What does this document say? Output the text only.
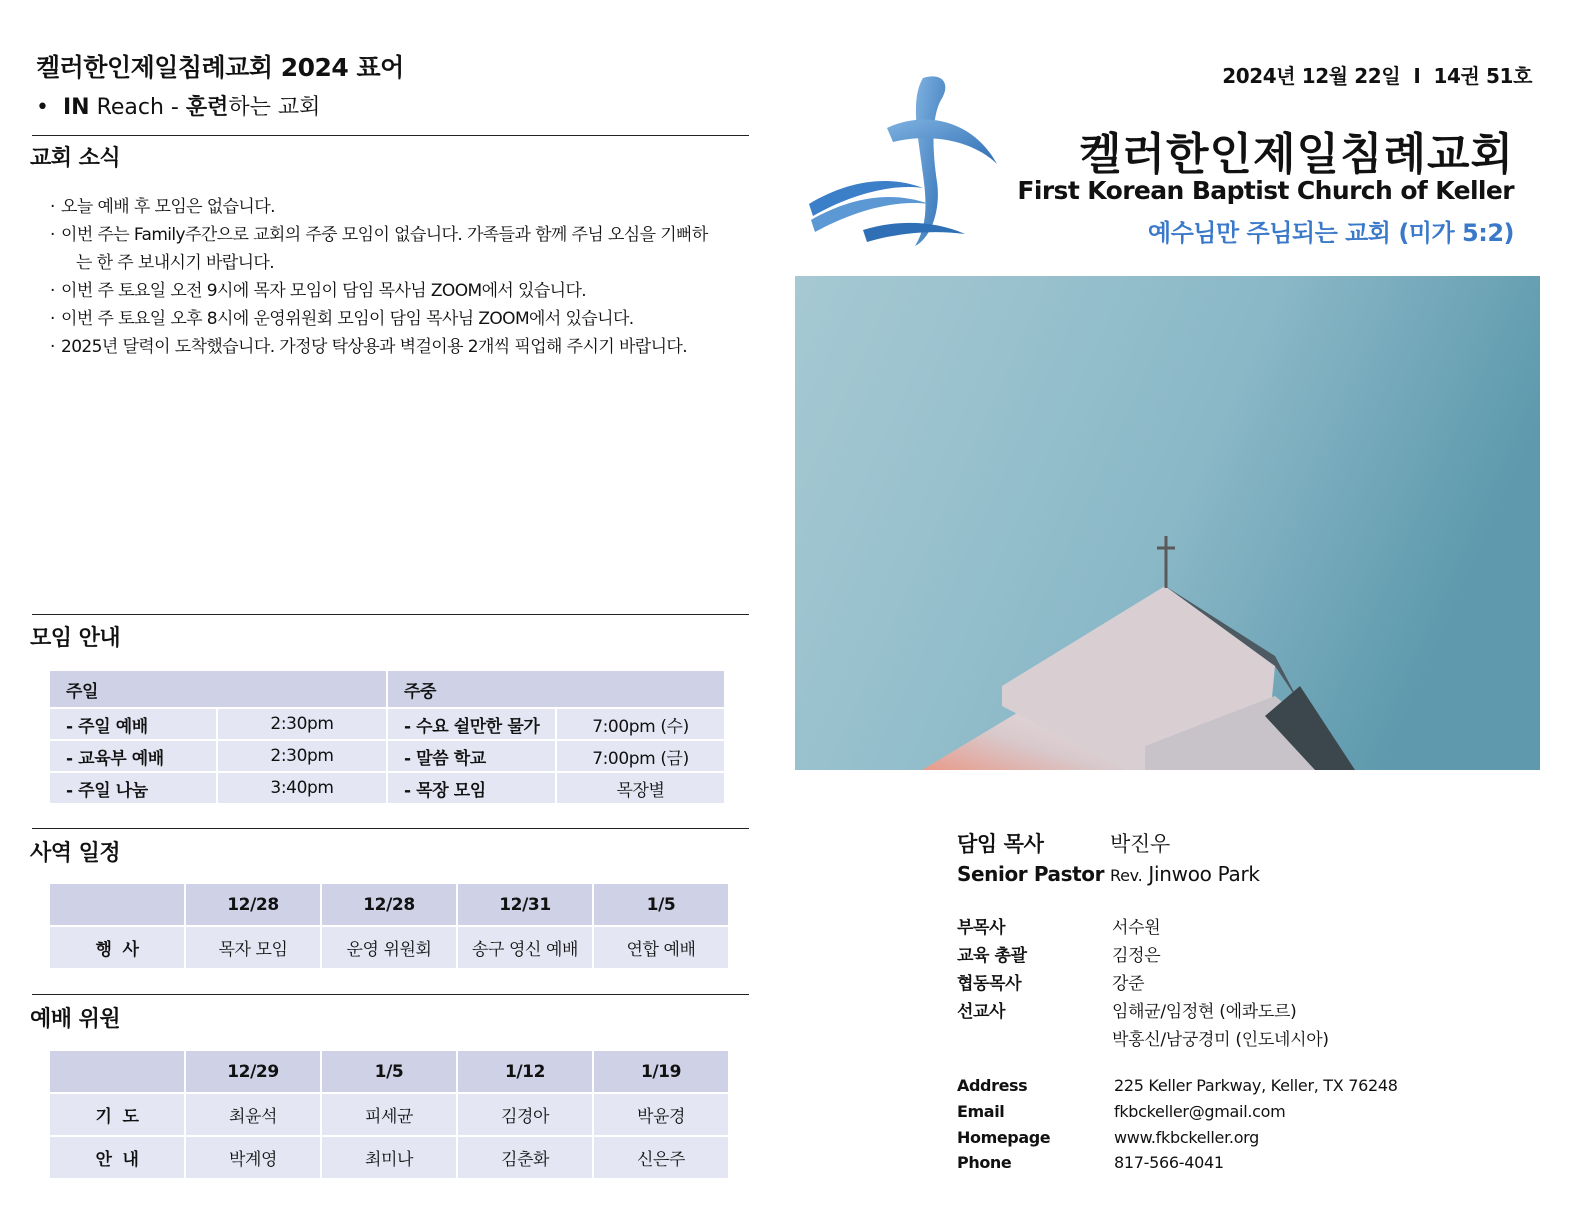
켈러한인제일침례교회 2024 표어
• IN Reach - 훈련하는 교회
교회 소식
· 오늘 예배 후 모임은 없습니다.
· 이번 주는 Family주간으로 교회의 주중 모임이 없습니다. 가족들과 함께 주님 오심을 기뻐하
는 한 주 보내시기 바랍니다.
· 이번 주 토요일 오전 9시에 목자 모임이 담임 목사님 ZOOM에서 있습니다.
· 이번 주 토요일 오후 8시에 운영위원회 모임이 담임 목사님 ZOOM에서 있습니다.
· 2025년 달력이 도착했습니다. 가정당 탁상용과 벽걸이용 2개씩 픽업해 주시기 바랍니다.
모임 안내
주일		주중	
- 주일 예배	2:30pm	- 수요 쉴만한 물가	7:00pm (수)
- 교육부 예배	2:30pm	- 말씀 학교	7:00pm (금)
- 주일 나눔	3:40pm	- 목장 모임	목장별
사역 일정
	12/28	12/28	12/31	1/5
행  사	목자 모임	운영 위원회	송구 영신 예배	연합 예배
예배 위원
	12/29	1/5	1/12	1/19
기  도	최윤석	피세균	김경아	박윤경
안  내	박계영	최미나	김춘화	신은주
2024년 12월 22일  I  14권 51호
켈러한인제일침례교회
First Korean Baptist Church of Keller
예수님만 주님되는 교회 (미가 5:2)
담임 목사	박진우
Senior Pastor Rev. Jinwoo Park
부목사	서수원
교육 총괄	김정은
협동목사	강준
선교사	임해균/임정현 (에콰도르)
박홍신/남궁경미 (인도네시아)
Address	225 Keller Parkway, Keller, TX 76248
Email	fkbckeller@gmail.com
Homepage	www.fkbckeller.org
Phone	817-566-4041
